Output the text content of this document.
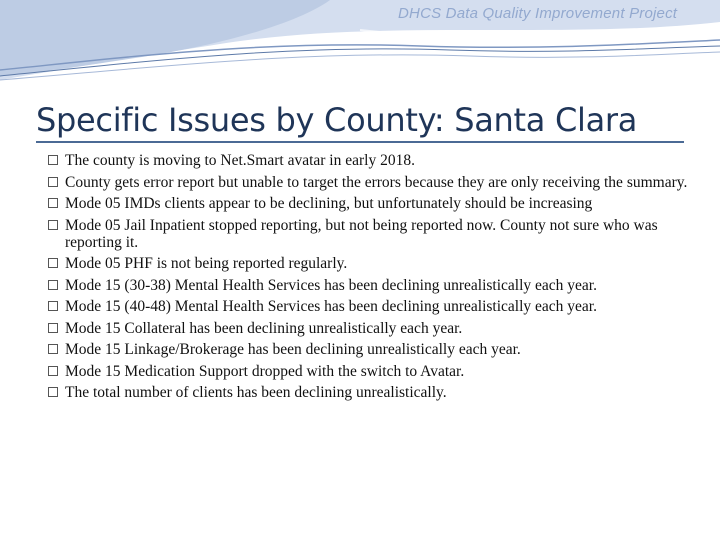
DHCS Data Quality Improvement Project
Specific Issues by County: Santa Clara
The county is moving to Net.Smart avatar in early 2018.
County gets error report but unable to target the errors because they are only receiving the summary.
Mode 05 IMDs clients appear to be declining, but unfortunately should be increasing
Mode 05 Jail Inpatient stopped reporting, but not being reported now. County not sure who was reporting it.
Mode 05 PHF is not being reported regularly.
Mode 15 (30-38) Mental Health Services has been declining unrealistically each year.
Mode 15 (40-48) Mental Health Services has been declining unrealistically each year.
Mode 15 Collateral has been declining unrealistically each year.
Mode 15 Linkage/Brokerage has been declining unrealistically each year.
Mode 15 Medication Support dropped with the switch to Avatar.
The total number of clients has been declining unrealistically.
